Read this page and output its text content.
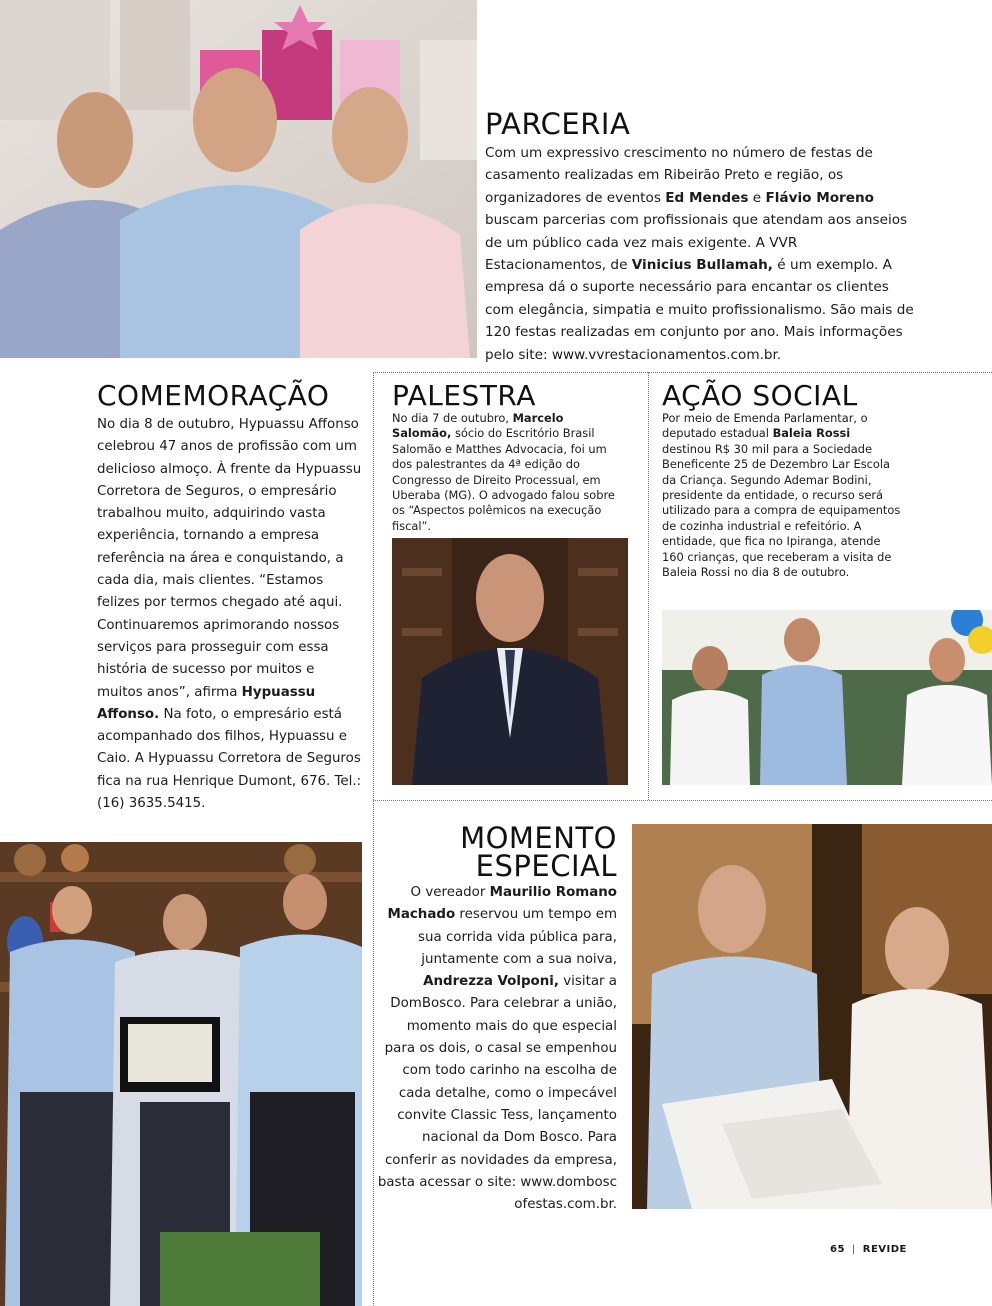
PARCERIA

Com um expressivo crescimento no número de festas de casamento realizadas em Ribeirão Preto e região, os organizadores de eventos Ed Mendes e Flávio Moreno buscam parcerias com profissionais que atendam aos anseios de um público cada vez mais exigente. A VVR Estacionamentos, de Vinicius Bullamah, é um exemplo. A empresa dá o suporte necessário para encantar os clientes com elegância, simpatia e muito profissionalismo. São mais de 120 festas realizadas em conjunto por ano. Mais informações pelo site: www.vvrestacionamentos.com.br.

COMEMORAÇÃO

No dia 8 de outubro, Hypuassu Affonso celebrou 47 anos de profissão com um delicioso almoço. À frente da Hypuassu Corretora de Seguros, o empresário trabalhou muito, adquirindo vasta experiência, tornando a empresa referência na área e conquistando, a cada dia, mais clientes. “Estamos felizes por termos chegado até aqui. Continuaremos aprimorando nossos serviços para prosseguir com essa história de sucesso por muitos e muitos anos”, afirma Hypuassu Affonso. Na foto, o empresário está acompanhado dos filhos, Hypuassu e Caio. A Hypuassu Corretora de Seguros fica na rua Henrique Dumont, 676. Tel.: (16) 3635.5415.

PALESTRA

No dia 7 de outubro, Marcelo Salomão, sócio do Escritório Brasil Salomão e Matthes Advocacia, foi um dos palestrantes da 4ª edição do Congresso de Direito Processual, em Uberaba (MG). O advogado falou sobre os “Aspectos polêmicos na execução fiscal”.

AÇÃO SOCIAL

Por meio de Emenda Parlamentar, o deputado estadual Baleia Rossi destinou R$ 30 mil para a Sociedade Beneficente 25 de Dezembro Lar Escola da Criança. Segundo Ademar Bodini, presidente da entidade, o recurso será utilizado para a compra de equipamentos de cozinha industrial e refeitório. A entidade, que fica no Ipiranga, atende 160 crianças, que receberam a visita de Baleia Rossi no dia 8 de outubro.

MOMENTO
ESPECIAL

O vereador Maurilio Romano Machado reservou um tempo em sua corrida vida pública para, juntamente com a sua noiva, Andrezza Volponi, visitar a DomBosco. Para celebrar a união, momento mais do que especial para os dois, o casal se empenhou com todo carinho na escolha de cada detalhe, como o impecável convite Classic Tess, lançamento nacional da Dom Bosco. Para conferir as novidades da empresa, basta acessar o site: www.dombosc ofestas.com.br.

65 | REVIDE
